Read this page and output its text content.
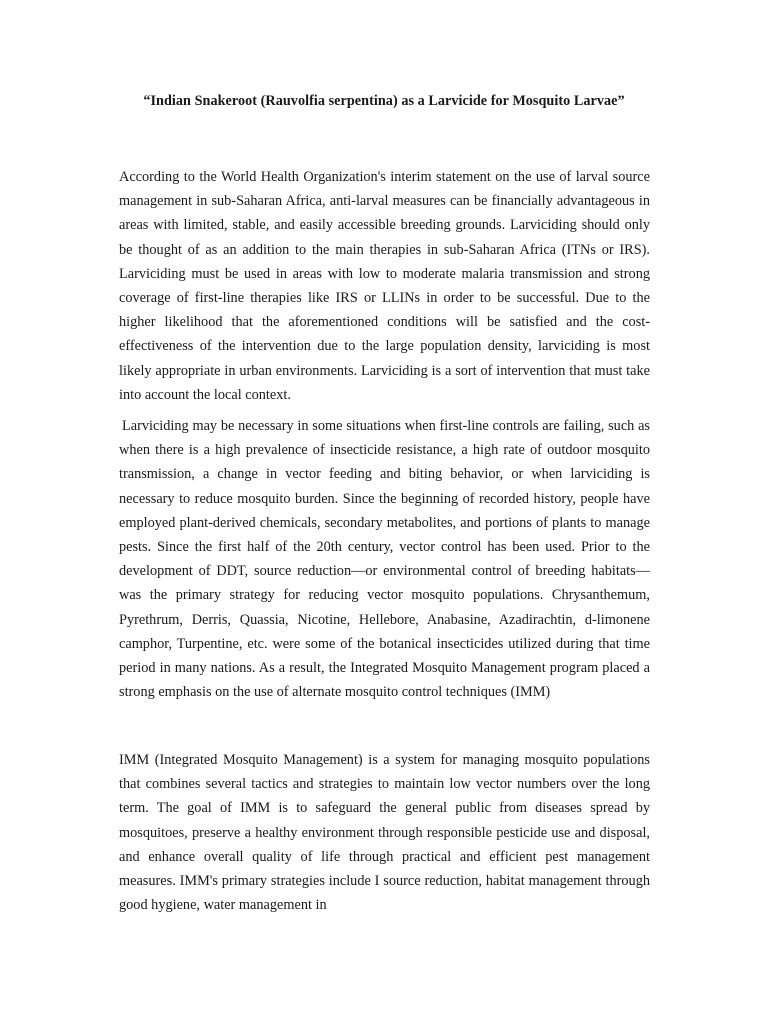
“Indian Snakeroot (Rauvolfia serpentina) as a Larvicide for Mosquito Larvae”

According to the World Health Organization's interim statement on the use of larval source management in sub-Saharan Africa, anti-larval measures can be financially advantageous in areas with limited, stable, and easily accessible breeding grounds. Larviciding should only be thought of as an addition to the main therapies in sub-Saharan Africa (ITNs or IRS). Larviciding must be used in areas with low to moderate malaria transmission and strong coverage of first-line therapies like IRS or LLINs in order to be successful. Due to the higher likelihood that the aforementioned conditions will be satisfied and the cost-effectiveness of the intervention due to the large population density, larviciding is most likely appropriate in urban environments. Larviciding is a sort of intervention that must take into account the local context.

Larviciding may be necessary in some situations when first-line controls are failing, such as when there is a high prevalence of insecticide resistance, a high rate of outdoor mosquito transmission, a change in vector feeding and biting behavior, or when larviciding is necessary to reduce mosquito burden. Since the beginning of recorded history, people have employed plant-derived chemicals, secondary metabolites, and portions of plants to manage pests. Since the first half of the 20th century, vector control has been used. Prior to the development of DDT, source reduction—or environmental control of breeding habitats—was the primary strategy for reducing vector mosquito populations. Chrysanthemum, Pyrethrum, Derris, Quassia, Nicotine, Hellebore, Anabasine, Azadirachtin, d-limonene camphor, Turpentine, etc. were some of the botanical insecticides utilized during that time period in many nations. As a result, the Integrated Mosquito Management program placed a strong emphasis on the use of alternate mosquito control techniques (IMM)

IMM (Integrated Mosquito Management) is a system for managing mosquito populations that combines several tactics and strategies to maintain low vector numbers over the long term. The goal of IMM is to safeguard the general public from diseases spread by mosquitoes, preserve a healthy environment through responsible pesticide use and disposal, and enhance overall quality of life through practical and efficient pest management measures. IMM's primary strategies include I source reduction, habitat management through good hygiene, water management in
